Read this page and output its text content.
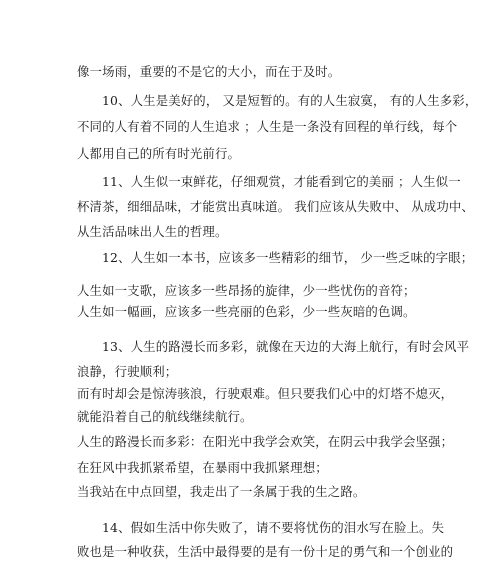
像一场雨，重要的不是它的大小，而在于及时。
10、人生是美好的， 又是短暂的。有的人生寂寞， 有的人生多彩，
不同的人有着不同的人生追求 ；人生是一条没有回程的单行线，每个
人都用自己的所有时光前行。
11、人生似一束鲜花，仔细观赏，才能看到它的美丽 ；人生似一
杯清茶，细细品味，才能赏出真味道。 我们应该从失败中、 从成功中、
从生活品味出人生的哲理。
12、人生如一本书，应该多一些精彩的细节， 少一些乏味的字眼；
人生如一支歌，应该多一些昂扬的旋律，少一些忧伤的音符；
人生如一幅画，应该多一些亮丽的色彩，少一些灰暗的色调。
13、人生的路漫长而多彩，就像在天边的大海上航行，有时会风平
浪静，行驶顺利；
而有时却会是惊涛骇浪，行驶艰难。但只要我们心中的灯塔不熄灭，
就能沿着自己的航线继续航行。
人生的路漫长而多彩：在阳光中我学会欢笑，在阴云中我学会坚强；
在狂风中我抓紧希望，在暴雨中我抓紧理想；
当我站在中点回望，我走出了一条属于我的生之路。
14、假如生活中你失败了，请不要将忧伤的泪水写在脸上。失
败也是一种收获，生活中最得要的是有一份十足的勇气和一个创业的
